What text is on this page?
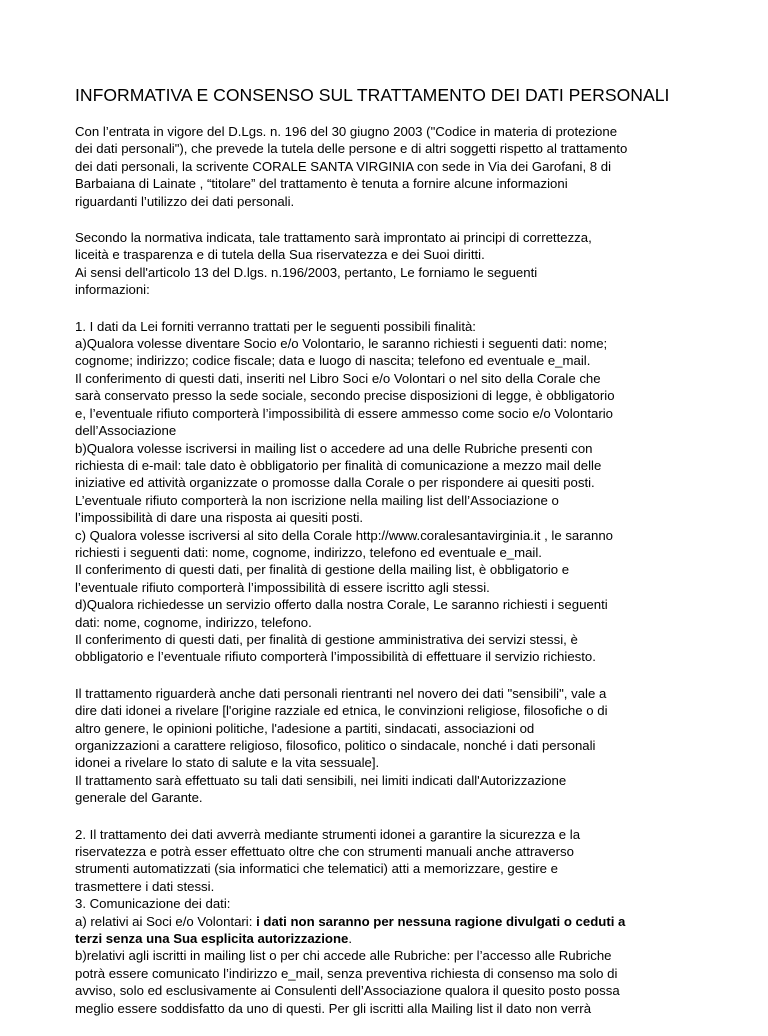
INFORMATIVA E CONSENSO SUL TRATTAMENTO DEI DATI PERSONALI
Con l’entrata in vigore del D.Lgs. n. 196 del 30 giugno 2003 ("Codice in materia di protezione
dei dati personali"), che prevede la tutela delle persone e di altri soggetti rispetto al trattamento
dei dati personali, la scrivente CORALE SANTA VIRGINIA con sede in Via dei Garofani, 8 di
Barbaiana di Lainate , “titolare” del trattamento è tenuta a fornire alcune informazioni
riguardanti l’utilizzo dei dati personali.
Secondo la normativa indicata, tale trattamento sarà improntato ai principi di correttezza,
liceità e trasparenza e di tutela della Sua riservatezza e dei Suoi diritti.
Ai sensi dell'articolo 13 del D.lgs. n.196/2003, pertanto, Le forniamo le seguenti
informazioni:
1. I dati da Lei forniti verranno trattati per le seguenti possibili finalità:
a)Qualora volesse diventare Socio e/o Volontario, le saranno richiesti i seguenti dati: nome;
cognome; indirizzo; codice fiscale; data e luogo di nascita; telefono ed eventuale e_mail.
Il conferimento di questi dati, inseriti nel Libro Soci e/o Volontari o nel sito della Corale che
sarà conservato presso la sede sociale, secondo precise disposizioni di legge, è obbligatorio
e, l’eventuale rifiuto comporterà l’impossibilità di essere ammesso come socio e/o Volontario
dell’Associazione
b)Qualora volesse iscriversi in mailing list o accedere ad una delle Rubriche presenti con
richiesta di e-mail: tale dato è obbligatorio per finalità di comunicazione a mezzo mail delle
iniziative ed attività organizzate o promosse dalla Corale o per rispondere ai quesiti posti.
L’eventuale rifiuto comporterà la non iscrizione nella mailing list dell’Associazione o
l’impossibilità di dare una risposta ai quesiti posti.
c) Qualora volesse iscriversi al sito della Corale http://www.coralesantavirginia.it , le saranno
richiesti i seguenti dati: nome, cognome, indirizzo, telefono ed eventuale e_mail.
Il conferimento di questi dati, per finalità di gestione della mailing list, è obbligatorio e
l’eventuale rifiuto comporterà l’impossibilità di essere iscritto agli stessi.
d)Qualora richiedesse un servizio offerto dalla nostra Corale, Le saranno richiesti i seguenti
dati: nome, cognome, indirizzo, telefono.
Il conferimento di questi dati, per finalità di gestione amministrativa dei servizi stessi, è
obbligatorio e l’eventuale rifiuto comporterà l’impossibilità di effettuare il servizio richiesto.
Il trattamento riguarderà anche dati personali rientranti nel novero dei dati "sensibili", vale a
dire dati idonei a rivelare [l'origine razziale ed etnica, le convinzioni religiose, filosofiche o di
altro genere, le opinioni politiche, l'adesione a partiti, sindacati, associazioni od
organizzazioni a carattere religioso, filosofico, politico o sindacale, nonché i dati personali
idonei a rivelare lo stato di salute e la vita sessuale].
Il trattamento sarà effettuato su tali dati sensibili, nei limiti indicati dall'Autorizzazione
generale del Garante.
2. Il trattamento dei dati avverrà mediante strumenti idonei a garantire la sicurezza e la
riservatezza e potrà esser effettuato oltre che con strumenti manuali anche attraverso
strumenti automatizzati (sia informatici che telematici) atti a memorizzare, gestire e
trasmettere i dati stessi.
3. Comunicazione dei dati:
a) relativi ai Soci e/o Volontari: i dati non saranno per nessuna ragione divulgati o ceduti a
terzi senza una Sua esplicita autorizzazione.
b)relativi agli iscritti in mailing list o per chi accede alle Rubriche: per l’accesso alle Rubriche
potrà essere comunicato l’indirizzo e_mail, senza preventiva richiesta di consenso ma solo di
avviso, solo ed esclusivamente ai Consulenti dell’Associazione qualora il quesito posto possa
meglio essere soddisfatto da uno di questi. Per gli iscritti alla Mailing list il dato non verrà
